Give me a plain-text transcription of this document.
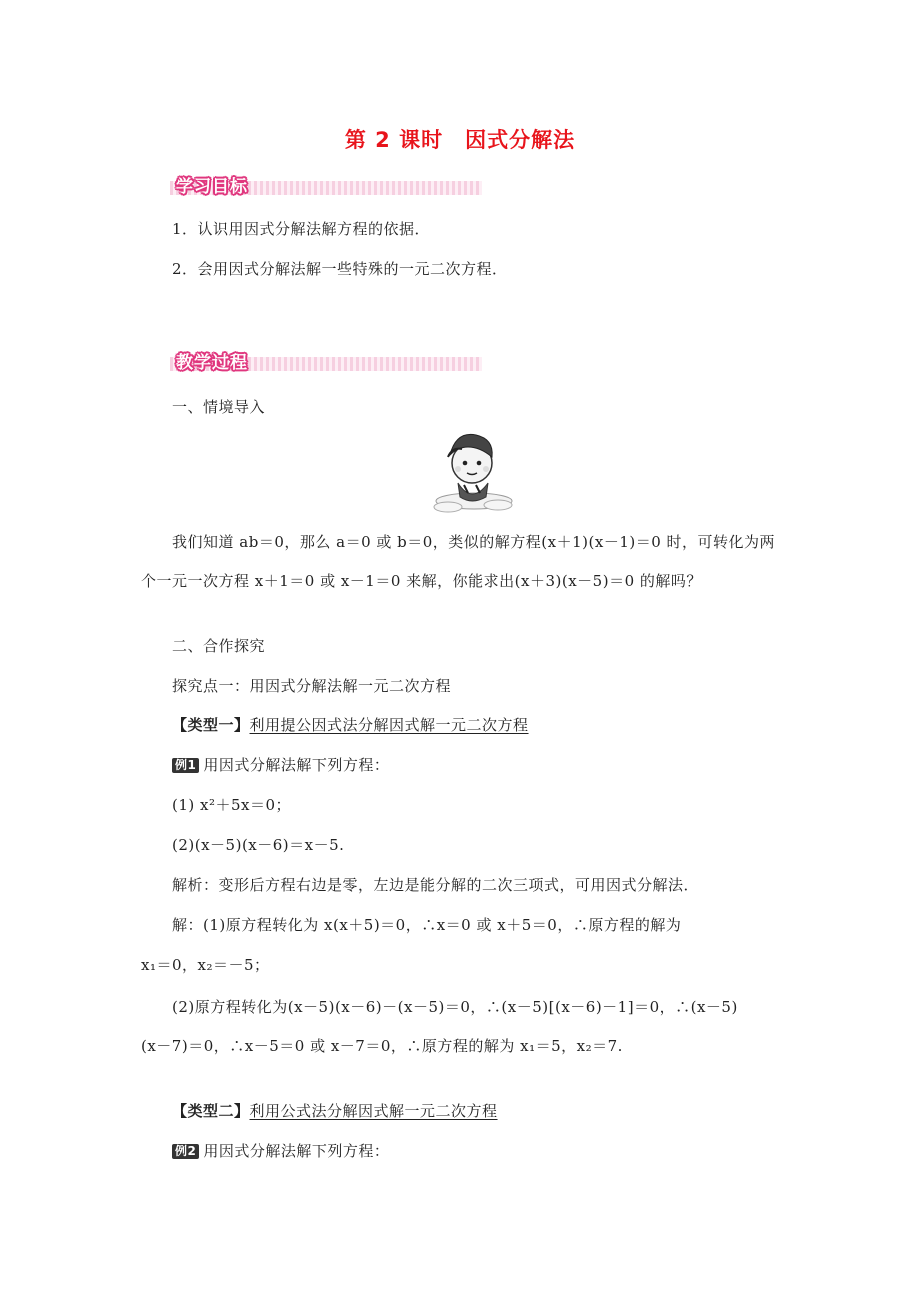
第 2 课时 因式分解法
学习目标
1．认识用因式分解法解方程的依据．
2．会用因式分解法解一些特殊的一元二次方程．
教学过程
一、情境导入
我们知道 ab＝0，那么 a＝0 或 b＝0，类似的解方程(x＋1)(x－1)＝0 时，可转化为两
个一元一次方程 x＋1＝0 或 x－1＝0 来解，你能求出(x＋3)(x－5)＝0 的解吗？
二、合作探究
探究点一：用因式分解法解一元二次方程
【类型一】利用提公因式法分解因式解一元二次方程
例1 用因式分解法解下列方程：
(1) x²＋5x＝0；
(2)(x－5)(x－6)＝x－5.
解析：变形后方程右边是零，左边是能分解的二次三项式，可用因式分解法．
解：(1)原方程转化为 x(x＋5)＝0，∴x＝0 或 x＋5＝0，∴原方程的解为
x₁＝0，x₂＝－5；
(2)原方程转化为(x－5)(x－6)－(x－5)＝0，∴(x－5)[(x－6)－1]＝0，∴(x－5)
(x－7)＝0，∴x－5＝0 或 x－7＝0，∴原方程的解为 x₁＝5，x₂＝7.
【类型二】利用公式法分解因式解一元二次方程
例2 用因式分解法解下列方程：
